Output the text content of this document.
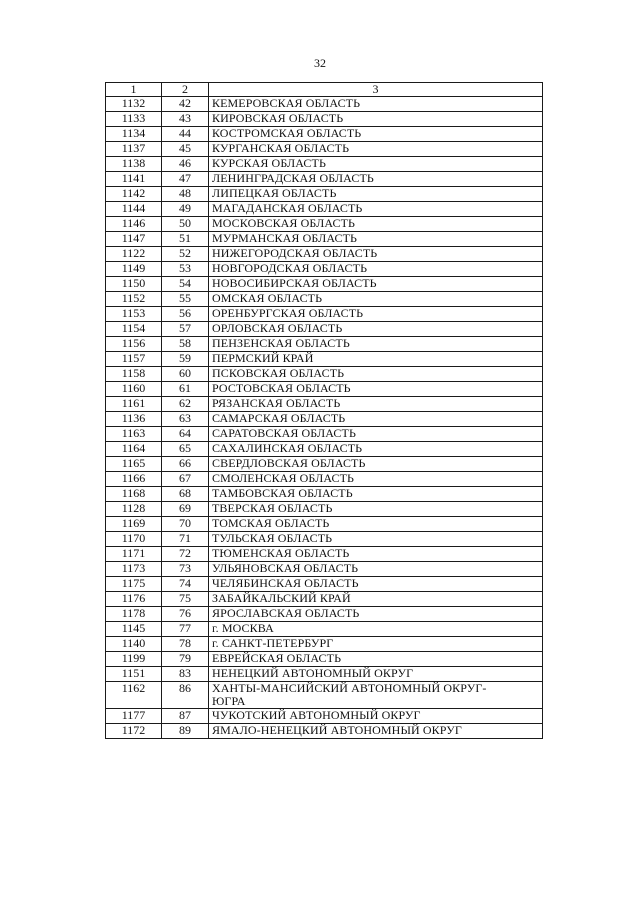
32
1	2	3
1132	42	КЕМЕРОВСКАЯ ОБЛАСТЬ
1133	43	КИРОВСКАЯ ОБЛАСТЬ
1134	44	КОСТРОМСКАЯ ОБЛАСТЬ
1137	45	КУРГАНСКАЯ ОБЛАСТЬ
1138	46	КУРСКАЯ ОБЛАСТЬ
1141	47	ЛЕНИНГРАДСКАЯ ОБЛАСТЬ
1142	48	ЛИПЕЦКАЯ ОБЛАСТЬ
1144	49	МАГАДАНСКАЯ ОБЛАСТЬ
1146	50	МОСКОВСКАЯ ОБЛАСТЬ
1147	51	МУРМАНСКАЯ ОБЛАСТЬ
1122	52	НИЖЕГОРОДСКАЯ ОБЛАСТЬ
1149	53	НОВГОРОДСКАЯ ОБЛАСТЬ
1150	54	НОВОСИБИРСКАЯ ОБЛАСТЬ
1152	55	ОМСКАЯ ОБЛАСТЬ
1153	56	ОРЕНБУРГСКАЯ ОБЛАСТЬ
1154	57	ОРЛОВСКАЯ ОБЛАСТЬ
1156	58	ПЕНЗЕНСКАЯ ОБЛАСТЬ
1157	59	ПЕРМСКИЙ КРАЙ
1158	60	ПСКОВСКАЯ ОБЛАСТЬ
1160	61	РОСТОВСКАЯ ОБЛАСТЬ
1161	62	РЯЗАНСКАЯ ОБЛАСТЬ
1136	63	САМАРСКАЯ ОБЛАСТЬ
1163	64	САРАТОВСКАЯ ОБЛАСТЬ
1164	65	САХАЛИНСКАЯ ОБЛАСТЬ
1165	66	СВЕРДЛОВСКАЯ ОБЛАСТЬ
1166	67	СМОЛЕНСКАЯ ОБЛАСТЬ
1168	68	ТАМБОВСКАЯ ОБЛАСТЬ
1128	69	ТВЕРСКАЯ ОБЛАСТЬ
1169	70	ТОМСКАЯ ОБЛАСТЬ
1170	71	ТУЛЬСКАЯ ОБЛАСТЬ
1171	72	ТЮМЕНСКАЯ ОБЛАСТЬ
1173	73	УЛЬЯНОВСКАЯ ОБЛАСТЬ
1175	74	ЧЕЛЯБИНСКАЯ ОБЛАСТЬ
1176	75	ЗАБАЙКАЛЬСКИЙ КРАЙ
1178	76	ЯРОСЛАВСКАЯ ОБЛАСТЬ
1145	77	г. МОСКВА
1140	78	г. САНКТ-ПЕТЕРБУРГ
1199	79	ЕВРЕЙСКАЯ ОБЛАСТЬ
1151	83	НЕНЕЦКИЙ АВТОНОМНЫЙ ОКРУГ
1162	86	ХАНТЫ-МАНСИЙСКИЙ АВТОНОМНЫЙ ОКРУГ-
ЮГРА
1177	87	ЧУКОТСКИЙ АВТОНОМНЫЙ ОКРУГ
1172	89	ЯМАЛО-НЕНЕЦКИЙ АВТОНОМНЫЙ ОКРУГ
